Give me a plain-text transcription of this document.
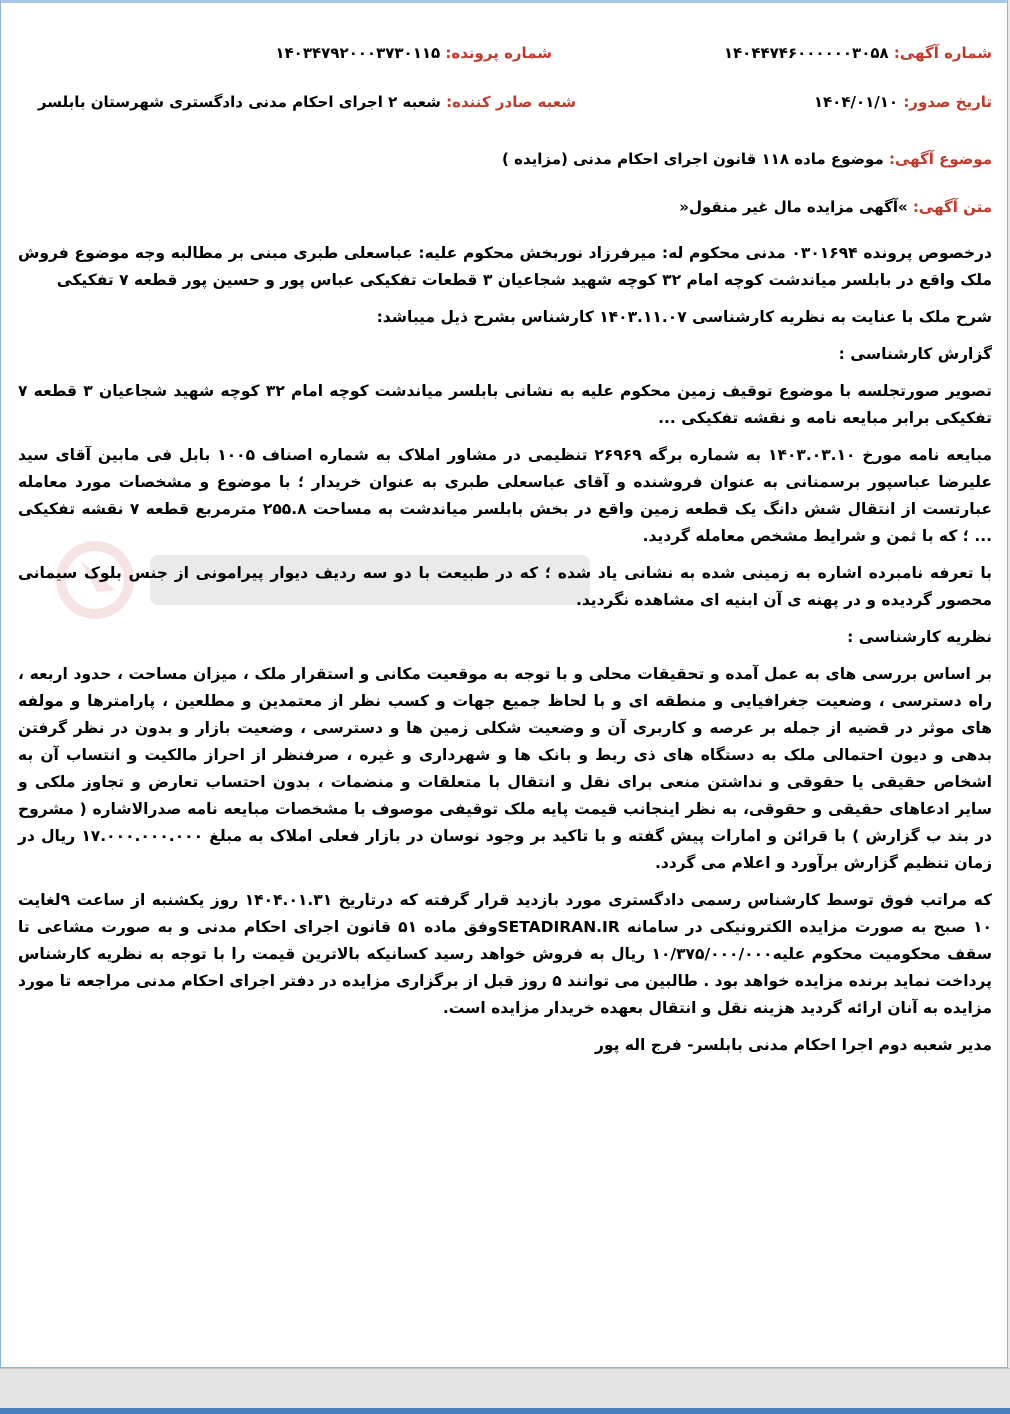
شماره آگهی: ۱۴۰۴۴۷۴۶۰۰۰۰۰۰۳۰۵۸
شماره پرونده: ۱۴۰۳۴۷۹۲۰۰۰۳۷۳۰۱۱۵
تاریخ صدور: ۱۴۰۴/۰۱/۱۰
شعبه صادر کننده: شعبه ۲ اجرای احکام مدنی دادگستری شهرستان بابلسر
موضوع آگهی: موضوع ماده ۱۱۸ قانون اجرای احکام مدنی (مزایده )
متن آگهی: »آگهی مزایده مال غیر منقول«

درخصوص پرونده ۰۳۰۱۶۹۴ مدنی محکوم له: میرفرزاد نوربخش محکوم علیه: عباسعلی طبری مبنی بر مطالبه وجه موضوع فروش ملک واقع در بابلسر میاندشت کوچه امام ۳۲ کوچه شهید شجاعیان ۳ قطعات تفکیکی عباس پور و حسین پور قطعه ۷ تفکیکی

شرح ملک با عنایت به نظریه کارشناسی ۱۴۰۳.۱۱.۰۷ کارشناس بشرح ذیل میباشد:

گزارش کارشناسی :

تصویر صورتجلسه با موضوع توقیف زمین محکوم علیه به نشانی بابلسر میاندشت کوچه امام ۳۲ کوچه شهید شجاعیان ۳ قطعه ۷ تفکیکی برابر مبایعه نامه و نقشه تفکیکی ...

مبایعه نامه مورخ ۱۴۰۳.۰۳.۱۰ به شماره برگه ۲۶۹۶۹ تنظیمی در مشاور املاک به شماره اصناف ۱۰۰۵ بابل فی مابین آقای سید علیرضا عباسپور برسمنانی به عنوان فروشنده و آقای عباسعلی طبری به عنوان خریدار ؛ با موضوع و مشخصات مورد معامله عبارتست از انتقال شش دانگ یک قطعه زمین واقع در بخش بابلسر میاندشت به مساحت ۲۵۵.۸ مترمربع قطعه ۷ نقشه تفکیکی ... ؛ که با ثمن و شرایط مشخص معامله گردید.

با تعرفه نامبرده اشاره به زمینی شده به نشانی یاد شده ؛ که در طبیعت با دو سه ردیف دیوار پیرامونی از جنس بلوک سیمانی محصور گردیده و در پهنه ی آن ابنیه ای مشاهده نگردید.

نظریه کارشناسی :

بر اساس بررسی های به عمل آمده و تحقیقات محلی و با توجه به موقعیت مکانی و استقرار ملک ، میزان مساحت ، حدود اربعه ، راه دسترسی ، وضعیت جغرافیایی و منطقه ای و با لحاظ جمیع جهات و کسب نظر از معتمدین و مطلعین ، پارامترها و مولفه های موثر در قضیه از جمله بر عرصه و کاربری آن و وضعیت شکلی زمین ها و دسترسی ، وضعیت بازار و بدون در نظر گرفتن بدهی و دیون احتمالی ملک به دستگاه های ذی ربط و بانک ها و شهرداری و غیره ، صرفنظر از احراز مالکیت و انتساب آن به اشخاص حقیقی یا حقوقی و نداشتن منعی برای نقل و انتقال با متعلقات و منضمات ، بدون احتساب تعارض و تجاوز ملکی و سایر ادعاهای حقیقی و حقوقی، به نظر اینجانب قیمت پایه ملک توقیفی موصوف با مشخصات مبایعه نامه صدرالاشاره ( مشروح در بند ب گزارش ) با قرائن و امارات پیش گفته و با تاکید بر وجود نوسان در بازار فعلی املاک به مبلغ ۱۷.۰۰۰.۰۰۰.۰۰۰ ریال در زمان تنظیم گزارش برآورد و اعلام می گردد.

که مراتب فوق توسط کارشناس رسمی دادگستری مورد بازدید قرار گرفته که درتاریخ ۱۴۰۴.۰۱.۳۱ روز یکشنبه از ساعت ۹لغایت ۱۰ صبح به صورت مزایده الکترونیکی در سامانه SETADIRAN.IRوفق ماده ۵۱ قانون اجرای احکام مدنی و به صورت مشاعی تا سقف محکومیت محکوم علیه۱۰/۳۷۵/۰۰۰/۰۰۰ ریال به فروش خواهد رسید کسانیکه بالاترین قیمت را با توجه به نظریه کارشناس پرداخت نماید برنده مزایده خواهد بود . طالبین می توانند ۵ روز قبل از برگزاری مزایده در دفتر اجرای احکام مدنی مراجعه تا مورد مزایده به آنان ارائه گردید هزینه نقل و انتقال بعهده خریدار مزایده است.

مدیر شعبه دوم اجرا احکام مدنی بابلسر- فرج اله پور
